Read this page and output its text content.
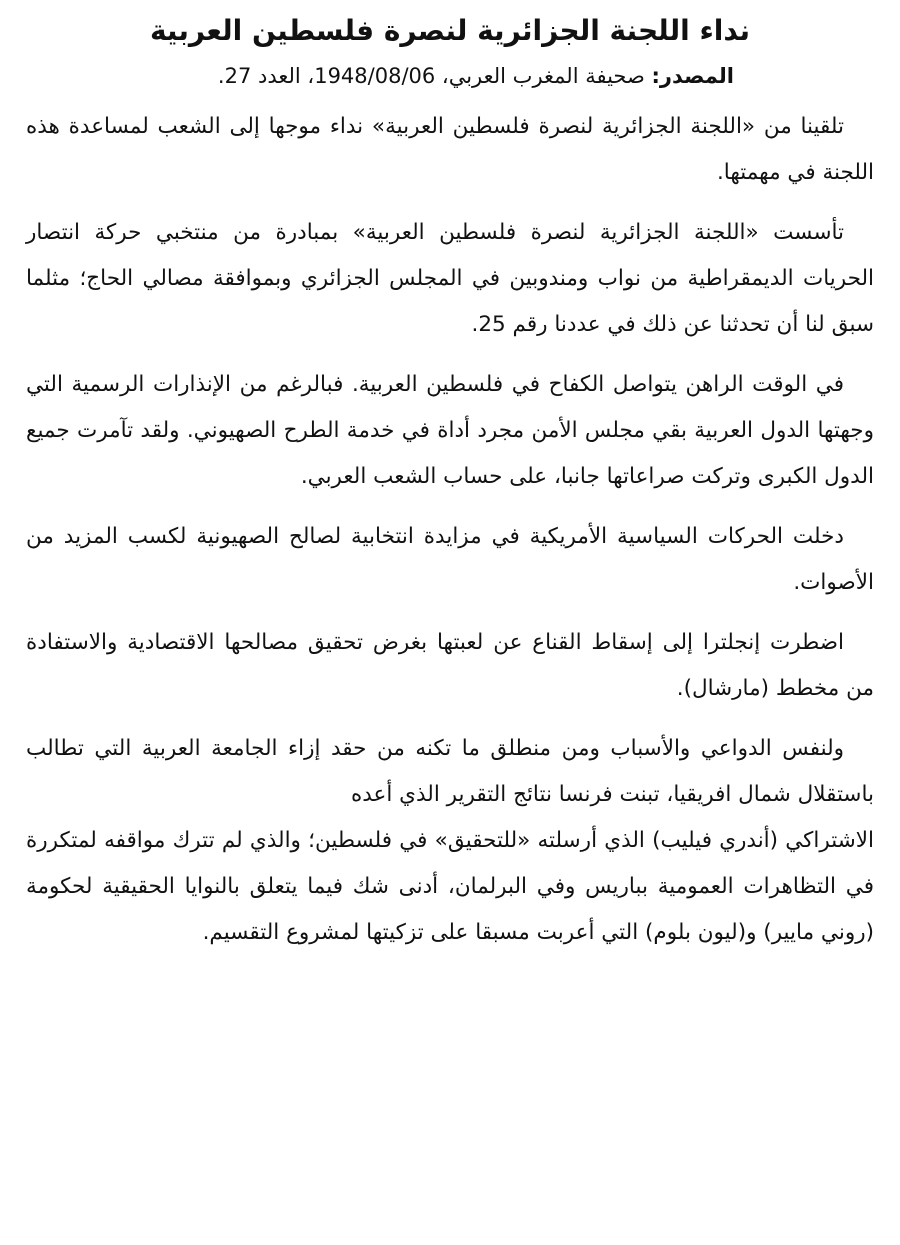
نداء اللجنة الجزائرية لنصرة فلسطين العربية
المصدر: صحيفة المغرب العربي، 1948/08/06، العدد 27.

تلقينا من «اللجنة الجزائرية لنصرة فلسطين العربية» نداء موجها إلى الشعب لمساعدة هذه اللجنة في مهمتها.

تأسست «اللجنة الجزائرية لنصرة فلسطين العربية» بمبادرة من منتخبي حركة انتصار الحريات الديمقراطية من نواب ومندوبين في المجلس الجزائري وبموافقة مصالي الحاج؛ مثلما سبق لنا أن تحدثنا عن ذلك في عددنا رقم 25.

في الوقت الراهن يتواصل الكفاح في فلسطين العربية. فبالرغم من الإنذارات الرسمية التي وجهتها الدول العربية بقي مجلس الأمن مجرد أداة في خدمة الطرح الصهيوني. ولقد تآمرت جميع الدول الكبرى وتركت صراعاتها جانبا، على حساب الشعب العربي.

دخلت الحركات السياسية الأمريكية في مزايدة انتخابية لصالح الصهيونية لكسب المزيد من الأصوات.

اضطرت إنجلترا إلى إسقاط القناع عن لعبتها بغرض تحقيق مصالحها الاقتصادية والاستفادة من مخطط (مارشال).

ولنفس الدواعي والأسباب ومن منطلق ما تكنه من حقد إزاء الجامعة العربية التي تطالب باستقلال شمال افريقيا، تبنت فرنسا نتائج التقرير الذي أعده

الاشتراكي (أندري فيليب) الذي أرسلته «للتحقيق» في فلسطين؛ والذي لم تترك مواقفه لمتكررة في التظاهرات العمومية بباريس وفي البرلمان، أدنى شك فيما يتعلق بالنوايا الحقيقية لحكومة (روني مايير) و(ليون بلوم) التي أعربت مسبقا على تزكيتها لمشروع التقسيم.
